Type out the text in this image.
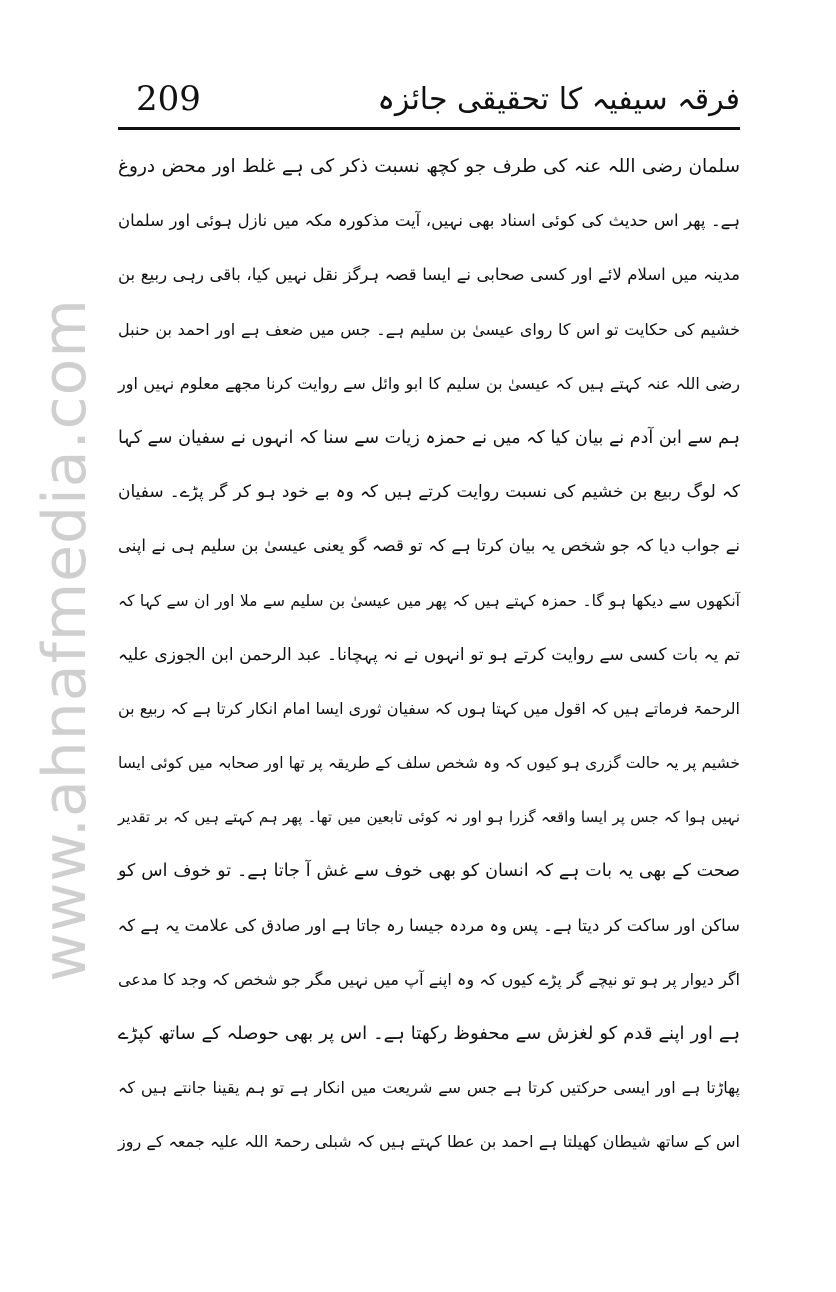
www.ahnafmedia.com
فرقہ سیفیہ کا تحقیقی جائزہ
209
سلمان رضی اللہ عنہ کی طرف جو کچھ نسبت ذکر کی ہے غلط اور محض دروغ
ہے۔ پھر اس حدیث کی کوئی اسناد بھی نہیں، آیت مذکورہ مکہ میں نازل ہوئی اور سلمان
مدینہ میں اسلام لائے اور کسی صحابی نے ایسا قصہ ہرگز نقل نہیں کیا، باقی رہی ربیع بن
خشیم کی حکایت تو اس کا روای عیسیٰ بن سلیم ہے۔ جس میں ضعف ہے اور احمد بن حنبل
رضی اللہ عنہ کہتے ہیں کہ عیسیٰ بن سلیم کا ابو وائل سے روایت کرنا مجھے معلوم نہیں اور
ہم سے ابن آدم نے بیان کیا کہ میں نے حمزہ زیات سے سنا کہ انہوں نے سفیان سے کہا
کہ لوگ ربیع بن خشیم کی نسبت روایت کرتے ہیں کہ وہ بے خود ہو کر گر پڑے۔ سفیان
نے جواب دیا کہ جو شخص یہ بیان کرتا ہے کہ تو قصہ گو یعنی عیسیٰ بن سلیم ہی نے اپنی
آنکھوں سے دیکھا ہو گا۔ حمزہ کہتے ہیں کہ پھر میں عیسیٰ بن سلیم سے ملا اور ان سے کہا کہ
تم یہ بات کسی سے روایت کرتے ہو تو انہوں نے نہ پہچانا۔ عبد الرحمن ابن الجوزی علیہ
الرحمۃ فرماتے ہیں کہ اقول میں کہتا ہوں کہ سفیان ثوری ایسا امام انکار کرتا ہے کہ ربیع بن
خشیم پر یہ حالت گزری ہو کیوں کہ وہ شخص سلف کے طریقہ پر تھا اور صحابہ میں کوئی ایسا
نہیں ہوا کہ جس پر ایسا واقعہ گزرا ہو اور نہ کوئی تابعین میں تھا۔ پھر ہم کہتے ہیں کہ بر تقدیر
صحت کے بھی یہ بات ہے کہ انسان کو بھی خوف سے غش آ جاتا ہے۔ تو خوف اس کو
ساکن اور ساکت کر دیتا ہے۔ پس وہ مردہ جیسا رہ جاتا ہے اور صادق کی علامت یہ ہے کہ
اگر دیوار پر ہو تو نیچے گر پڑے کیوں کہ وہ اپنے آپ میں نہیں مگر جو شخص کہ وجد کا مدعی
ہے اور اپنے قدم کو لغزش سے محفوظ رکھتا ہے۔ اس پر بھی حوصلہ کے ساتھ کپڑے
پھاڑتا ہے اور ایسی حرکتیں کرتا ہے جس سے شریعت میں انکار ہے تو ہم یقینا جانتے ہیں کہ
اس کے ساتھ شیطان کھیلتا ہے احمد بن عطا کہتے ہیں کہ شبلی رحمۃ اللہ علیہ جمعہ کے روز
